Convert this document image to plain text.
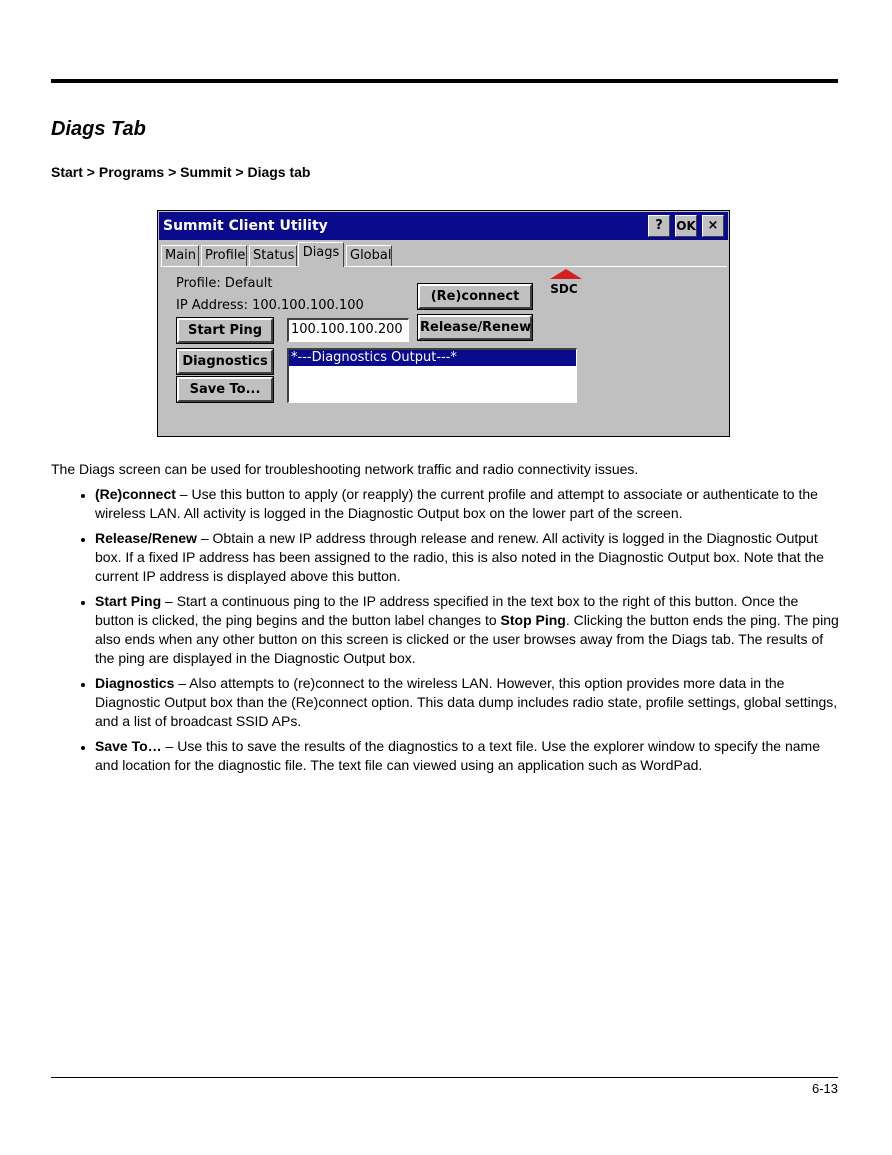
Diags Tab
Start > Programs > Summit > Diags tab
Summit Client Utility	?	OK ×
Main Profile Status Diags Global
Profile: Default
IP Address: 100.100.100.100
(Re)connect
Release/Renew
Start Ping	100.100.100.200
Diagnostics
Save To...
*---Diagnostics Output---*
SDC

The Diags screen can be used for troubleshooting network traffic and radio connectivity issues.

• (Re)connect – Use this button to apply (or reapply) the current profile and attempt to associate or authenticate to the wireless LAN. All activity is logged in the Diagnostic Output box on the lower part of the screen.
• Release/Renew – Obtain a new IP address through release and renew. All activity is logged in the Diagnostic Output box. If a fixed IP address has been assigned to the radio, this is also noted in the Diagnostic Output box. Note that the current IP address is displayed above this button.
• Start Ping – Start a continuous ping to the IP address specified in the text box to the right of this button. Once the button is clicked, the ping begins and the button label changes to Stop Ping. Clicking the button ends the ping. The ping also ends when any other button on this screen is clicked or the user browses away from the Diags tab. The results of the ping are displayed in the Diagnostic Output box.
• Diagnostics – Also attempts to (re)connect to the wireless LAN. However, this option provides more data in the Diagnostic Output box than the (Re)connect option. This data dump includes radio state, profile settings, global settings, and a list of broadcast SSID APs.
• Save To… – Use this to save the results of the diagnostics to a text file. Use the explorer window to specify the name and location for the diagnostic file. The text file can viewed using an application such as WordPad.
6-13
